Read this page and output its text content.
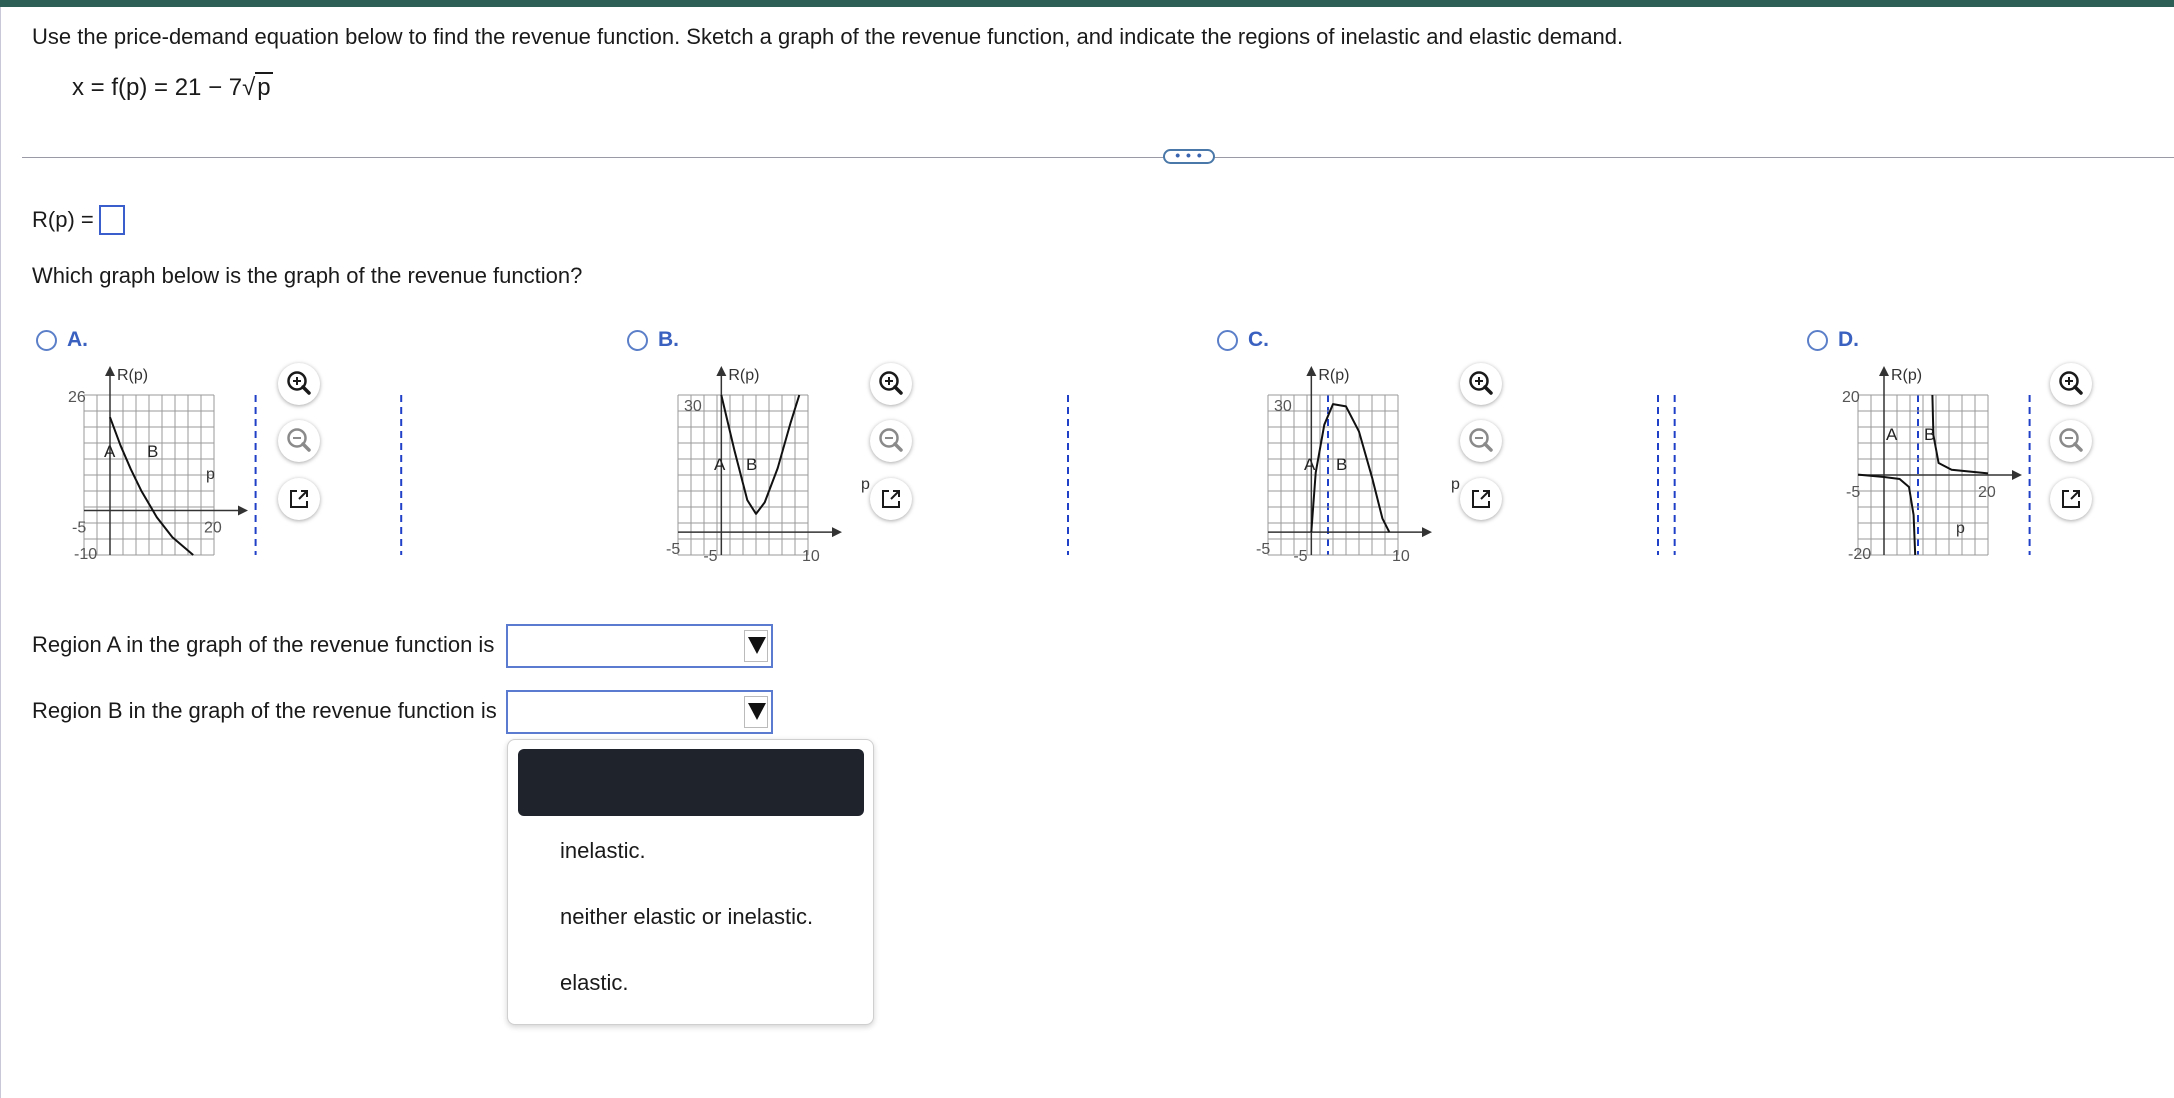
Use the price-demand equation below to find the revenue function. Sketch a graph of the revenue function, and indicate the regions of inelastic and elastic demand.
x = f(p) = 21 − 7√p
• • •
R(p) =
Which graph below is the graph of the revenue function?
A.
R(p)
p
26
-5	20
-10
A B
B.
R(p)
p
30
-5 -5	10
A B
C.
R(p)
p
30
-5 -5	10
A B
D.
R(p)
p
20
-5	20
-20
A B
Region A in the graph of the revenue function is
Region B in the graph of the revenue function is
inelastic.
neither elastic or inelastic.
elastic.
